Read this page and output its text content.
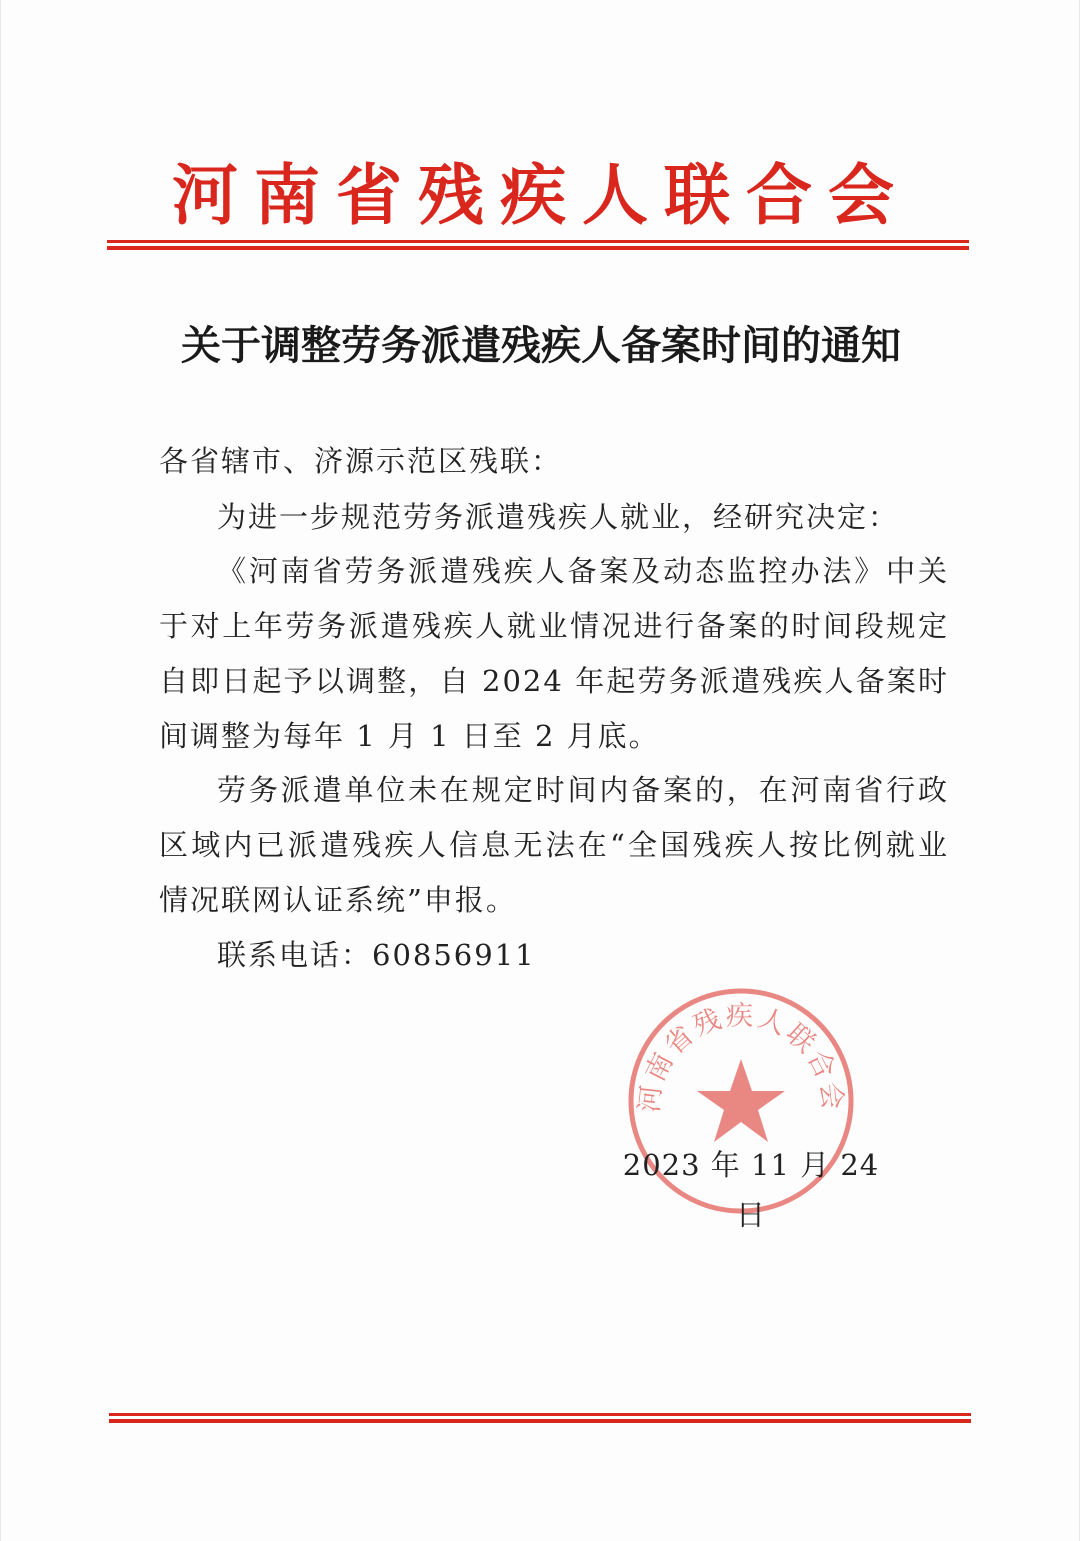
河南省残疾人联合会
关于调整劳务派遣残疾人备案时间的通知
各省辖市、济源示范区残联：
为进一步规范劳务派遣残疾人就业，经研究决定：
《河南省劳务派遣残疾人备案及动态监控办法》中关于对上年劳务派遣残疾人就业情况进行备案的时间段规定自即日起予以调整，自 2024 年起劳务派遣残疾人备案时间调整为每年 1 月 1 日至 2 月底。
劳务派遣单位未在规定时间内备案的，在河南省行政区域内已派遣残疾人信息无法在“全国残疾人按比例就业情况联网认证系统”申报。
联系电话：60856911
河南省残疾人联合会
2023 年 11 月 24 日
